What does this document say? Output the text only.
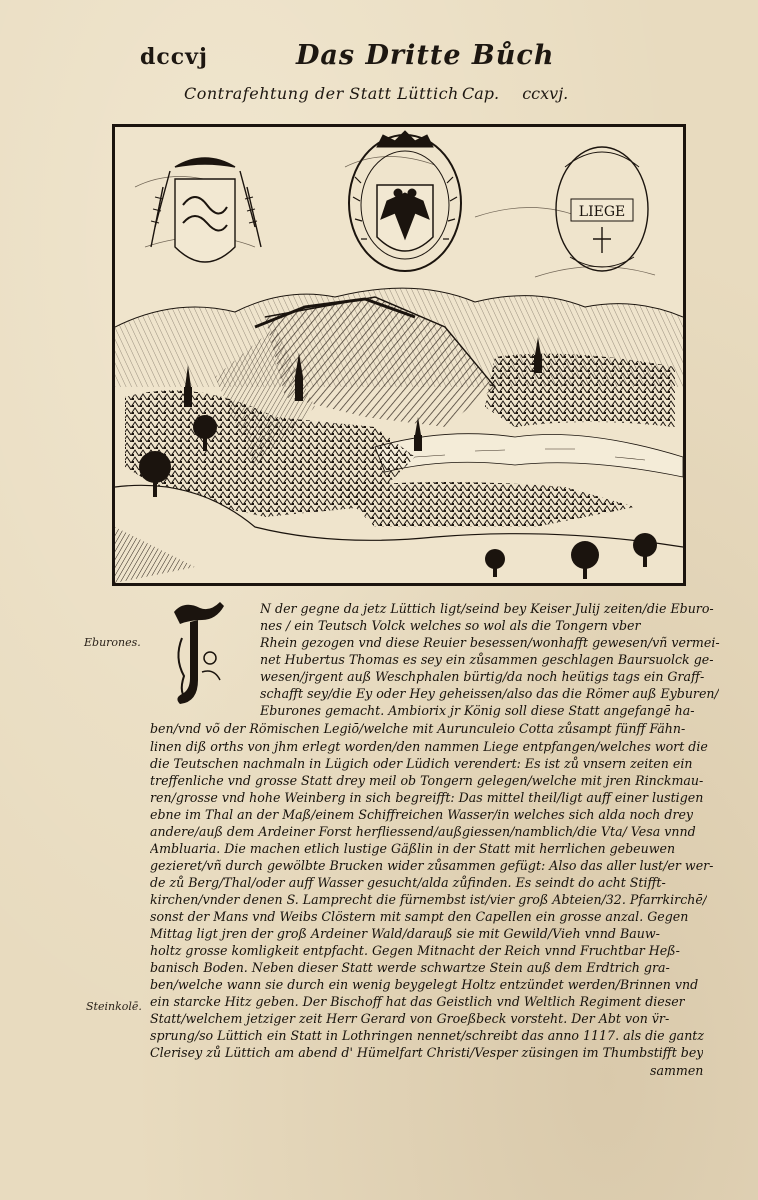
dccvj	Das Dritte Bůch
Contrafehtung der Statt Lüttich Cap. ccxvj.
LIEGE
Eburones.
Steinkolē.
N der gegne da jetz Lüttich ligt/seind bey Keiser Julij zeiten/die Eburo-
nes / ein Teutsch Volck welches so wol als die Tongern vber
Rhein gezogen vnd diese Reuier besessen/wonhafft gewesen/vñ vermei-
net Hubertus Thomas es sey ein zůsammen geschlagen Baursuolck ge-
wesen/jrgent auß Weschphalen bürtig/da noch heütigs tags ein Graff-
schafft sey/die Ey oder Hey geheissen/also das die Römer auß Eyburen/
Eburones gemacht. Ambiorix jr König soll diese Statt angefangē ha-
ben/vnd võ der Römischen Legiō/welche mit Aurunculeio Cotta zůsampt fünff Fähn-
linen diß orths von jhm erlegt worden/den nammen Liege entpfangen/welches wort die
die Teutschen nachmaln in Lügich oder Lüdich verendert: Es ist zů vnsern zeiten ein
treffenliche vnd grosse Statt drey meil ob Tongern gelegen/welche mit jren Rinckmau-
ren/grosse vnd hohe Weinberg in sich begreifft: Das mittel theil/ligt auff einer lustigen
ebne im Thal an der Maß/einem Schiffreichen Wasser/in welches sich alda noch drey
andere/auß dem Ardeiner Forst herfliessend/außgiessen/namblich/die Vta/ Vesa vnnd
Ambluaria. Die machen etlich lustige Gäßlin in der Statt mit herrlichen gebeuwen
gezieret/vñ durch gewölbte Brucken wider zůsammen gefügt: Also das aller lust/er wer-
de zů Berg/Thal/oder auff Wasser gesucht/alda zůfinden. Es seindt do acht Stifft-
kirchen/vnder denen S. Lamprecht die fürnembst ist/vier groß Abteien/32. Pfarrkirchē/
sonst der Mans vnd Weibs Clöstern mit sampt den Capellen ein grosse anzal. Gegen
Mittag ligt jren der groß Ardeiner Wald/darauß sie mit Gewild/Vieh vnnd Bauw-
holtz grosse komligkeit entpfacht. Gegen Mitnacht der Reich vnnd Fruchtbar Heß-
banisch Boden. Neben dieser Statt werde schwartze Stein auß dem Erdtrich gra-
ben/welche wann sie durch ein wenig beygelegt Holtz entzündet werden/Brinnen vnd
ein starcke Hitz geben. Der Bischoff hat das Geistlich vnd Weltlich Regiment dieser
Statt/welchem jetziger zeit Herr Gerard von Groeßbeck vorsteht. Der Abt von v̈r-
sprung/so Lüttich ein Statt in Lothringen nennet/schreibt das anno 1117. als die gantz
Clerisey zů Lüttich am abend d' Hümelfart Christi/Vesper züsingen im Thumbstifft bey
sammen
